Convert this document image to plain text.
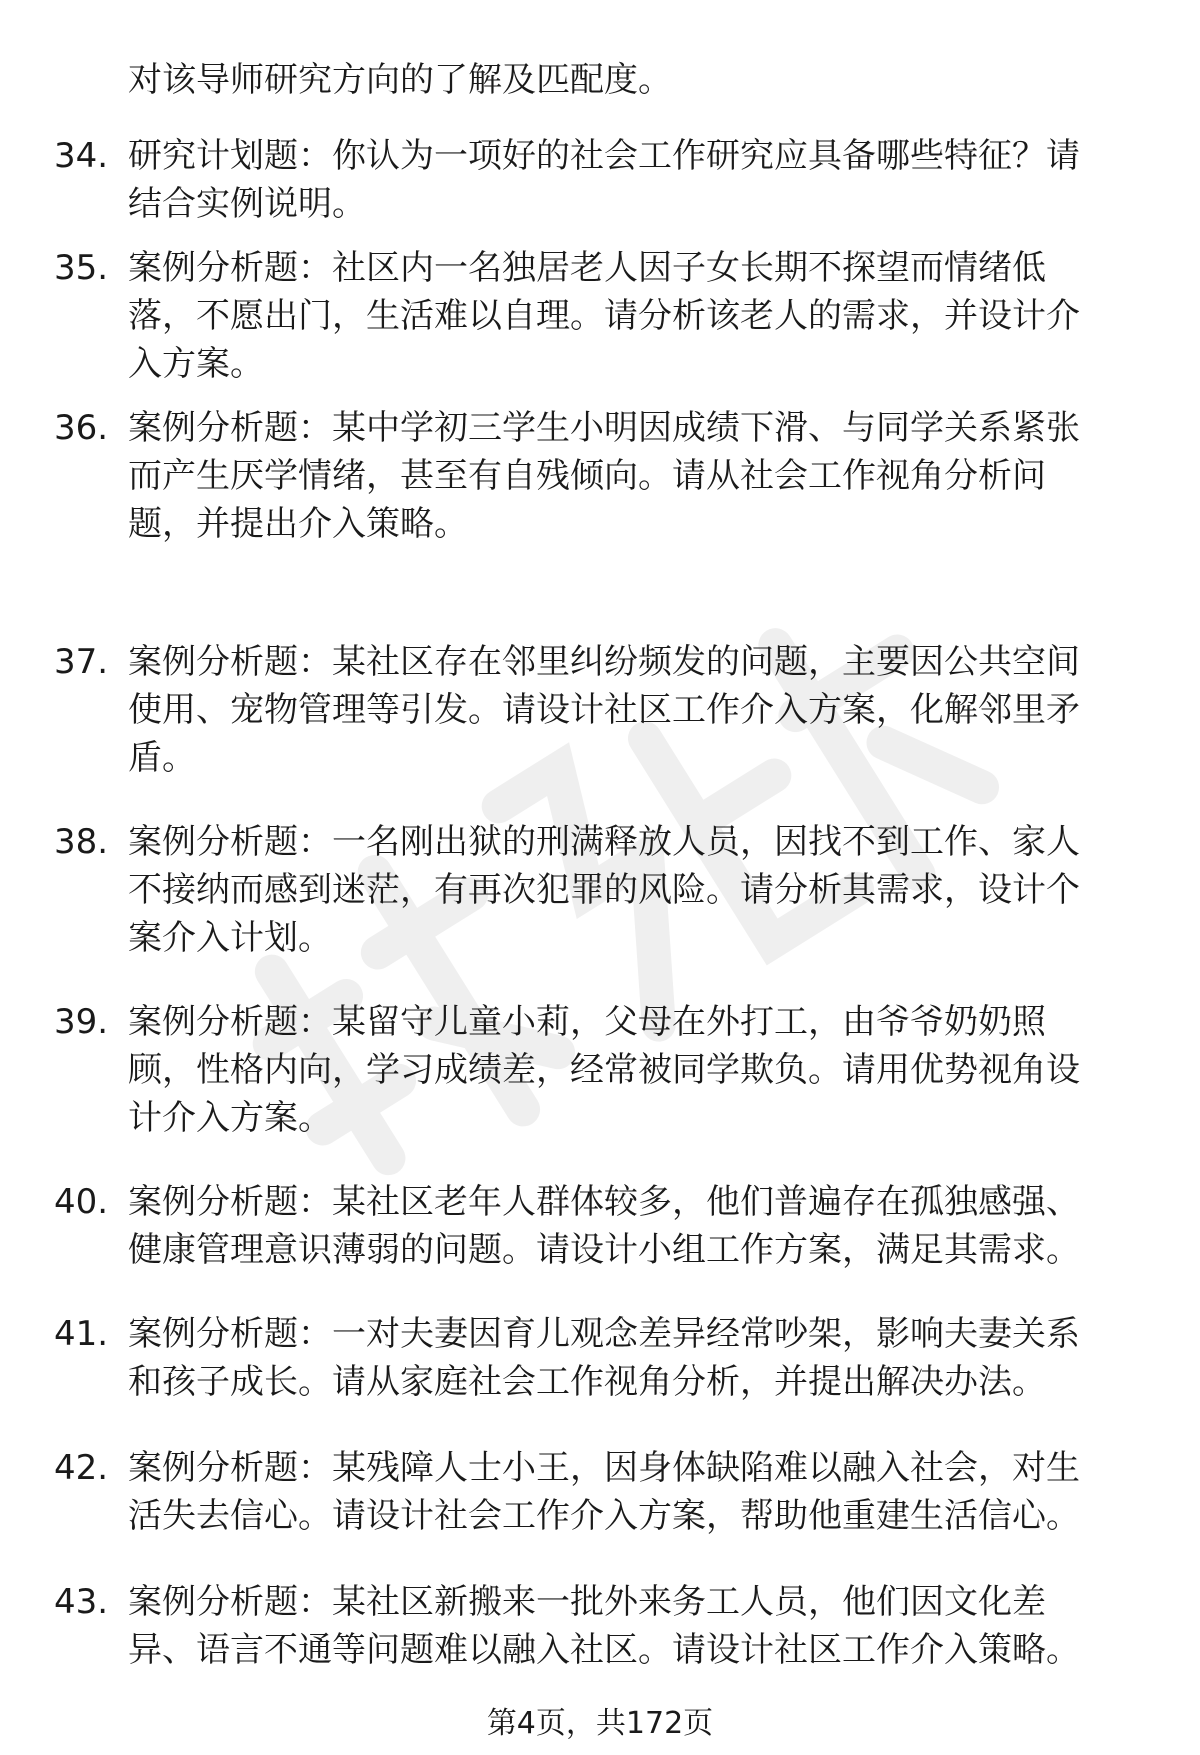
对该导师研究方向的了解及匹配度。
34. 研究计划题：你认为一项好的社会工作研究应具备哪些特征？请
结合实例说明。
35. 案例分析题：社区内一名独居老人因子女长期不探望而情绪低
落，不愿出门，生活难以自理。请分析该老人的需求，并设计介
入方案。
36. 案例分析题：某中学初三学生小明因成绩下滑、与同学关系紧张
而产生厌学情绪，甚至有自残倾向。请从社会工作视角分析问
题，并提出介入策略。
37. 案例分析题：某社区存在邻里纠纷频发的问题，主要因公共空间
使用、宠物管理等引发。请设计社区工作介入方案，化解邻里矛
盾。
38. 案例分析题：一名刚出狱的刑满释放人员，因找不到工作、家人
不接纳而感到迷茫，有再次犯罪的风险。请分析其需求，设计个
案介入计划。
39. 案例分析题：某留守儿童小莉，父母在外打工，由爷爷奶奶照
顾，性格内向，学习成绩差，经常被同学欺负。请用优势视角设
计介入方案。
40. 案例分析题：某社区老年人群体较多，他们普遍存在孤独感强、
健康管理意识薄弱的问题。请设计小组工作方案，满足其需求。
41. 案例分析题：一对夫妻因育儿观念差异经常吵架，影响夫妻关系
和孩子成长。请从家庭社会工作视角分析，并提出解决办法。
42. 案例分析题：某残障人士小王，因身体缺陷难以融入社会，对生
活失去信心。请设计社会工作介入方案，帮助他重建生活信心。
43. 案例分析题：某社区新搬来一批外来务工人员，他们因文化差
异、语言不通等问题难以融入社区。请设计社区工作介入策略。
第4页，共172页
